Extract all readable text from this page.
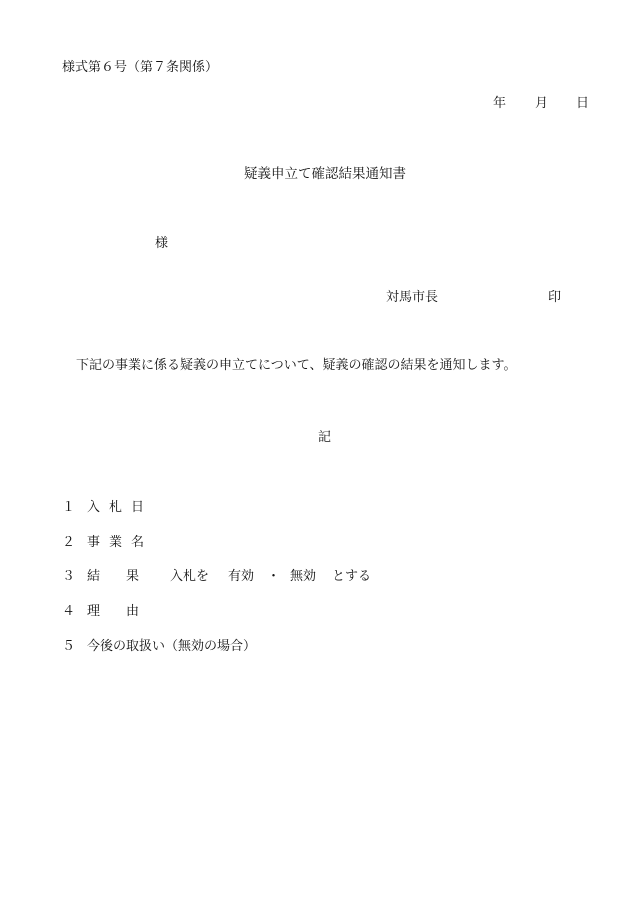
様式第６号（第７条関係）
年 月 日
疑義申立て確認結果通知書
様
対馬市長	印
下記の事業に係る疑義の申立てについて、疑義の確認の結果を通知します。
記
１ 入札日
２ 事業名
３ 結果 入札を 有効 ・ 無効 とする
４ 理由
５ 今後の取扱い（無効の場合）
